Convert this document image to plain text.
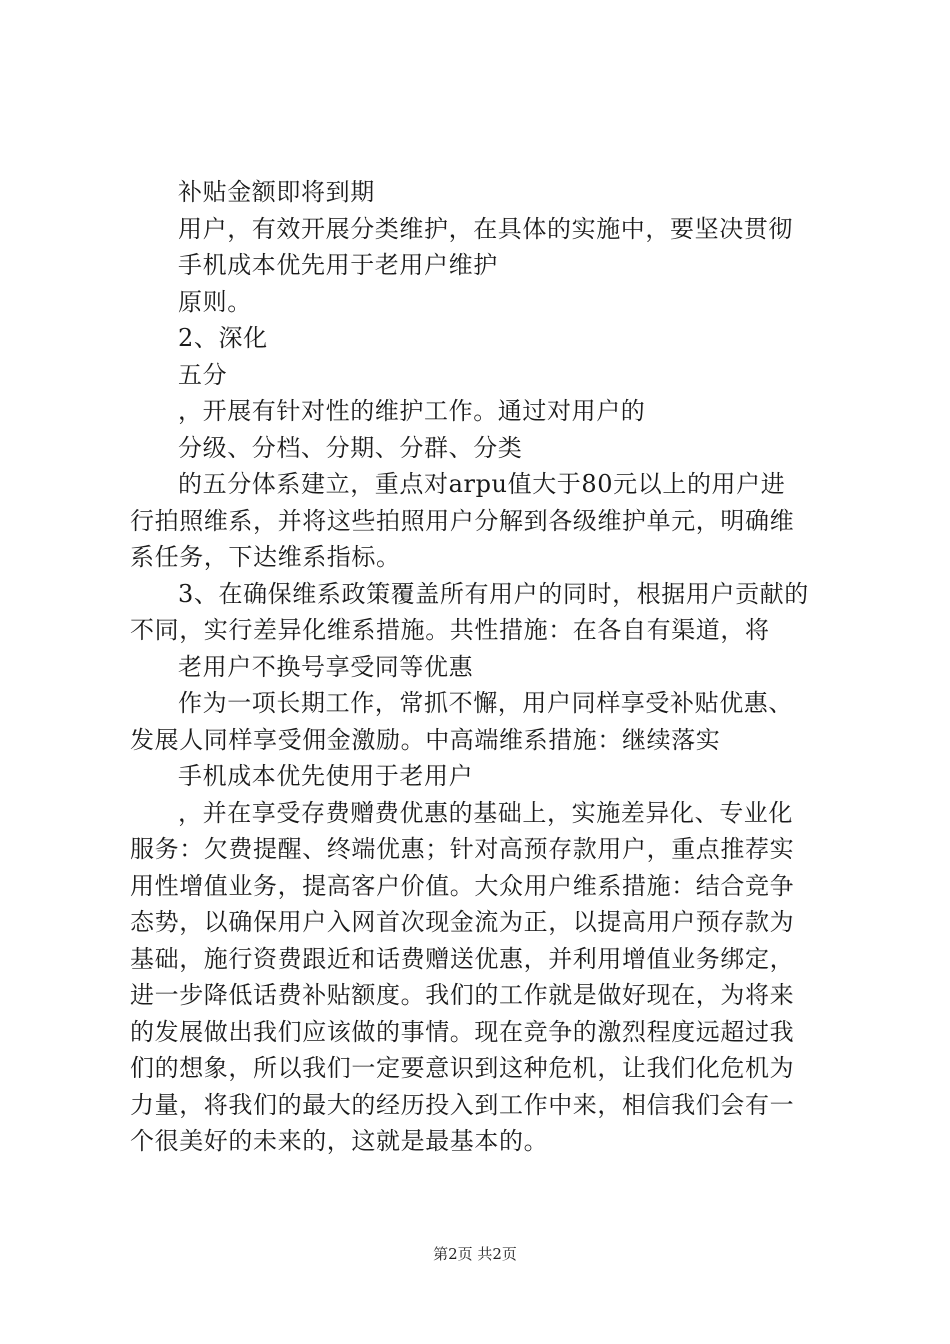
补贴金额即将到期
用户，有效开展分类维护，在具体的实施中，要坚决贯彻
手机成本优先用于老用户维护
原则。
2、深化
五分
，开展有针对性的维护工作。通过对用户的
分级、分档、分期、分群、分类
的五分体系建立，重点对arpu值大于80元以上的用户进
行拍照维系，并将这些拍照用户分解到各级维护单元，明确维
系任务，下达维系指标。
3、在确保维系政策覆盖所有用户的同时，根据用户贡献的
不同，实行差异化维系措施。共性措施：在各自有渠道，将
老用户不换号享受同等优惠
作为一项长期工作，常抓不懈，用户同样享受补贴优惠、
发展人同样享受佣金激励。中高端维系措施：继续落实
手机成本优先使用于老用户
，并在享受存费赠费优惠的基础上，实施差异化、专业化
服务：欠费提醒、终端优惠；针对高预存款用户，重点推荐实
用性增值业务，提高客户价值。大众用户维系措施：结合竞争
态势，以确保用户入网首次现金流为正，以提高用户预存款为
基础，施行资费跟近和话费赠送优惠，并利用增值业务绑定，
进一步降低话费补贴额度。我们的工作就是做好现在，为将来
的发展做出我们应该做的事情。现在竞争的激烈程度远超过我
们的想象，所以我们一定要意识到这种危机，让我们化危机为
力量，将我们的最大的经历投入到工作中来，相信我们会有一
个很美好的未来的，这就是最基本的。
第2页 共2页
